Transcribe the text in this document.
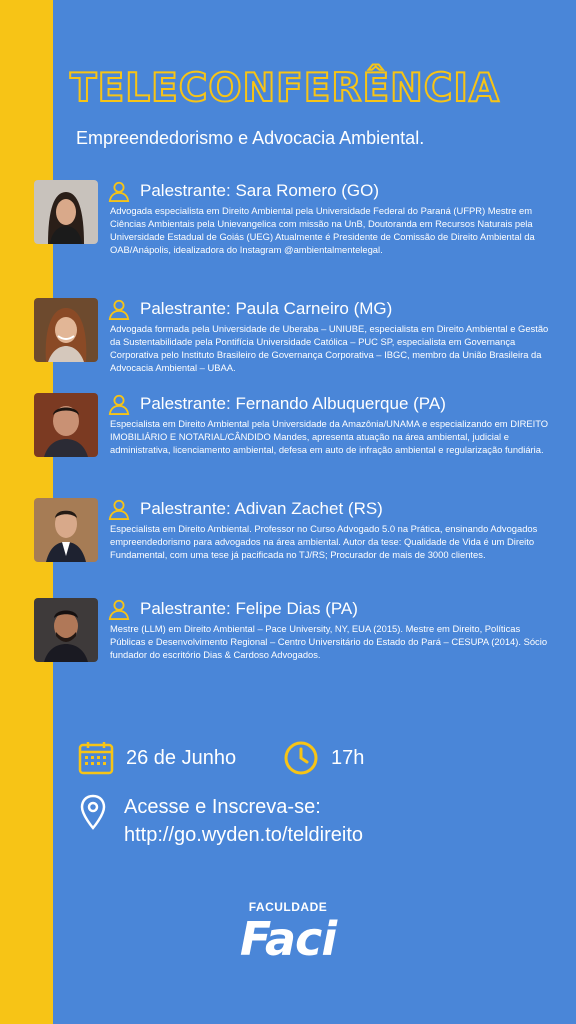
TELECONFERÊNCIA
Empreendedorismo e Advocacia Ambiental.
Palestrante: Sara Romero (GO)
Advogada especialista em Direito Ambiental pela Universidade Federal do Paraná (UFPR) Mestre em Ciências Ambientais pela Unievangelica com missão na UnB, Doutoranda em Recursos Naturais pela Universidade Estadual de Goiás (UEG) Atualmente é Presidente de Comissão de Direito Ambiental da OAB/Anápolis, idealizadora do Instagram @ambientalmentelegal.
Palestrante: Paula Carneiro (MG)
Advogada formada pela Universidade de Uberaba – UNIUBE, especialista em Direito Ambiental e Gestão da Sustentabilidade pela Pontifícia Universidade Católica – PUC SP, especialista em Governança Corporativa pelo Instituto Brasileiro de Governança Corporativa – IBGC, membro da União Brasileira da Advocacia Ambiental – UBAA.
Palestrante: Fernando Albuquerque (PA)
Especialista em Direito Ambiental pela Universidade da Amazônia/UNAMA e especializando em DIREITO IMOBILIÁRIO E NOTARIAL/CÂNDIDO Mandes, apresenta atuação na área ambiental, judicial e administrativa, licenciamento ambiental, defesa em auto de infração ambiental e regularização fundiária.
Palestrante: Adivan Zachet (RS)
Especialista em Direito Ambiental. Professor no Curso Advogado 5.0 na Prática, ensinando Advogados empreendedorismo para advogados na área ambiental. Autor da tese: Qualidade de Vida é um Direito Fundamental, com uma tese já pacificada no TJ/RS; Procurador de mais de 3000 clientes.
Palestrante: Felipe Dias (PA)
Mestre (LLM) em Direito Ambiental – Pace University, NY, EUA (2015). Mestre em Direito, Políticas Públicas e Desenvolvimento Regional – Centro Universitário do Estado do Pará – CESUPA (2014). Sócio fundador do escritório Dias & Cardoso Advogados.
26 de Junho	17h
Acesse e Inscreva-se:
http://go.wyden.to/teldireito
FACULDADE
Faci
